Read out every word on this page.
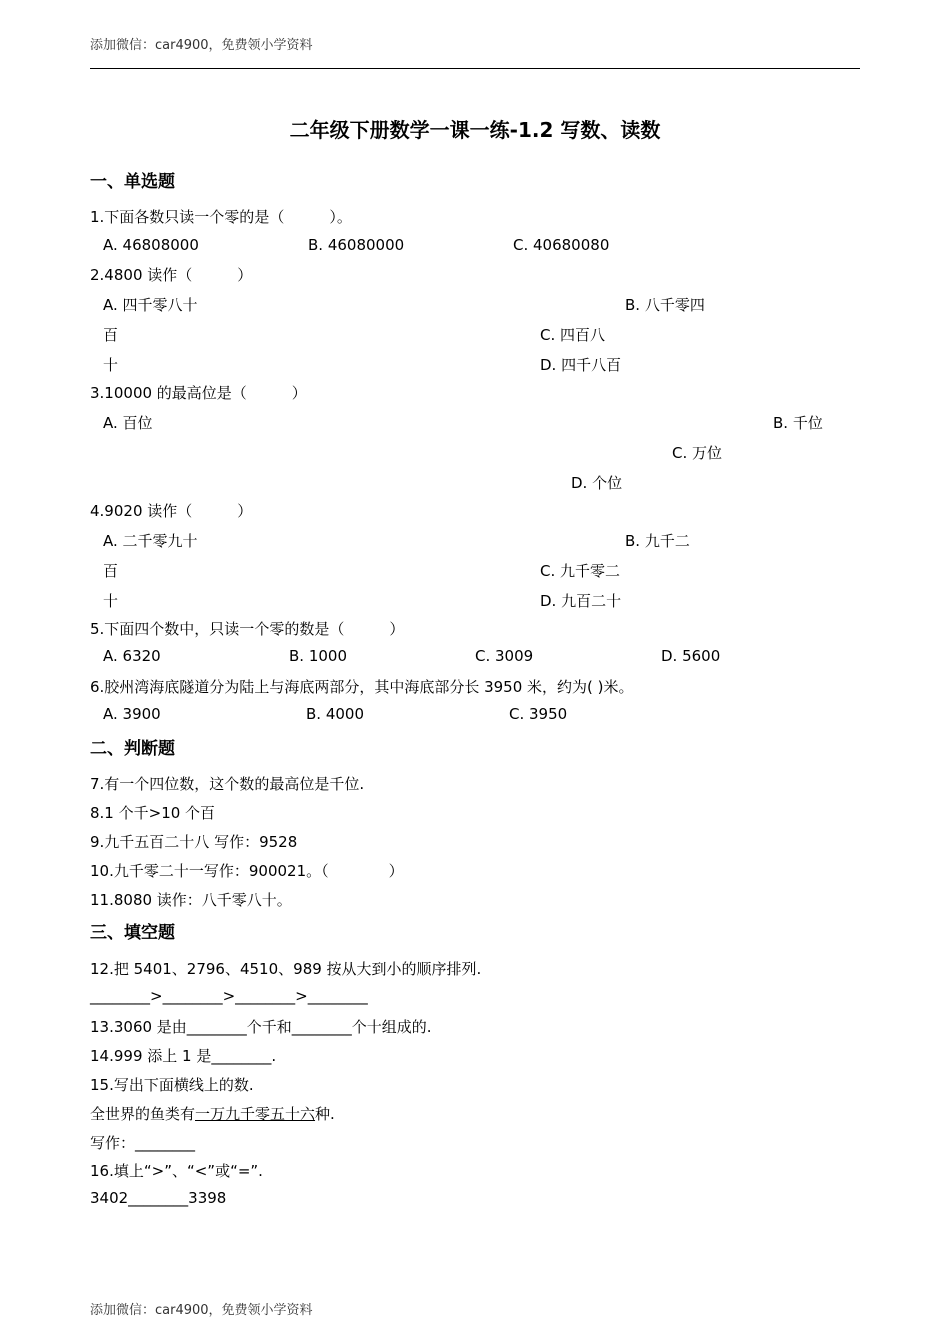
添加微信：car4900，免费领小学资料
二年级下册数学一课一练-1.2 写数、读数
一、单选题
1.下面各数只读一个零的是（　　　）。
A. 46808000	B. 46080000	C. 40680080
2.4800 读作（　　　）
A. 四千零八十	B. 八千零四
百	C. 四百八
十	D. 四千八百
3.10000 的最高位是（　　　）
A. 百位	B. 千位
C. 万位
D. 个位
4.9020 读作（　　　）
A. 二千零九十	B. 九千二
百	C. 九千零二
十	D. 九百二十
5.下面四个数中，只读一个零的数是（　　　）
A. 6320	B. 1000	C. 3009	D. 5600
6.胶州湾海底隧道分为陆上与海底两部分，其中海底部分长 3950 米，约为( )米。
A. 3900	B. 4000	C. 3950
二、判断题
7.有一个四位数，这个数的最高位是千位.
8.1 个千>10 个百
9.九千五百二十八 写作：9528
10.九千零二十一写作：900021。（　　　　）
11.8080 读作：八千零八十。
三、填空题
12.把 5401、2796、4510、989 按从大到小的顺序排列.
________>________>________>________
13.3060 是由________个千和________个十组成的.
14.999 添上 1 是________.
15.写出下面横线上的数.
全世界的鱼类有一万九千零五十六种.
写作：________
16.填上“>”、“<”或“=”.
3402________3398
添加微信：car4900，免费领小学资料
